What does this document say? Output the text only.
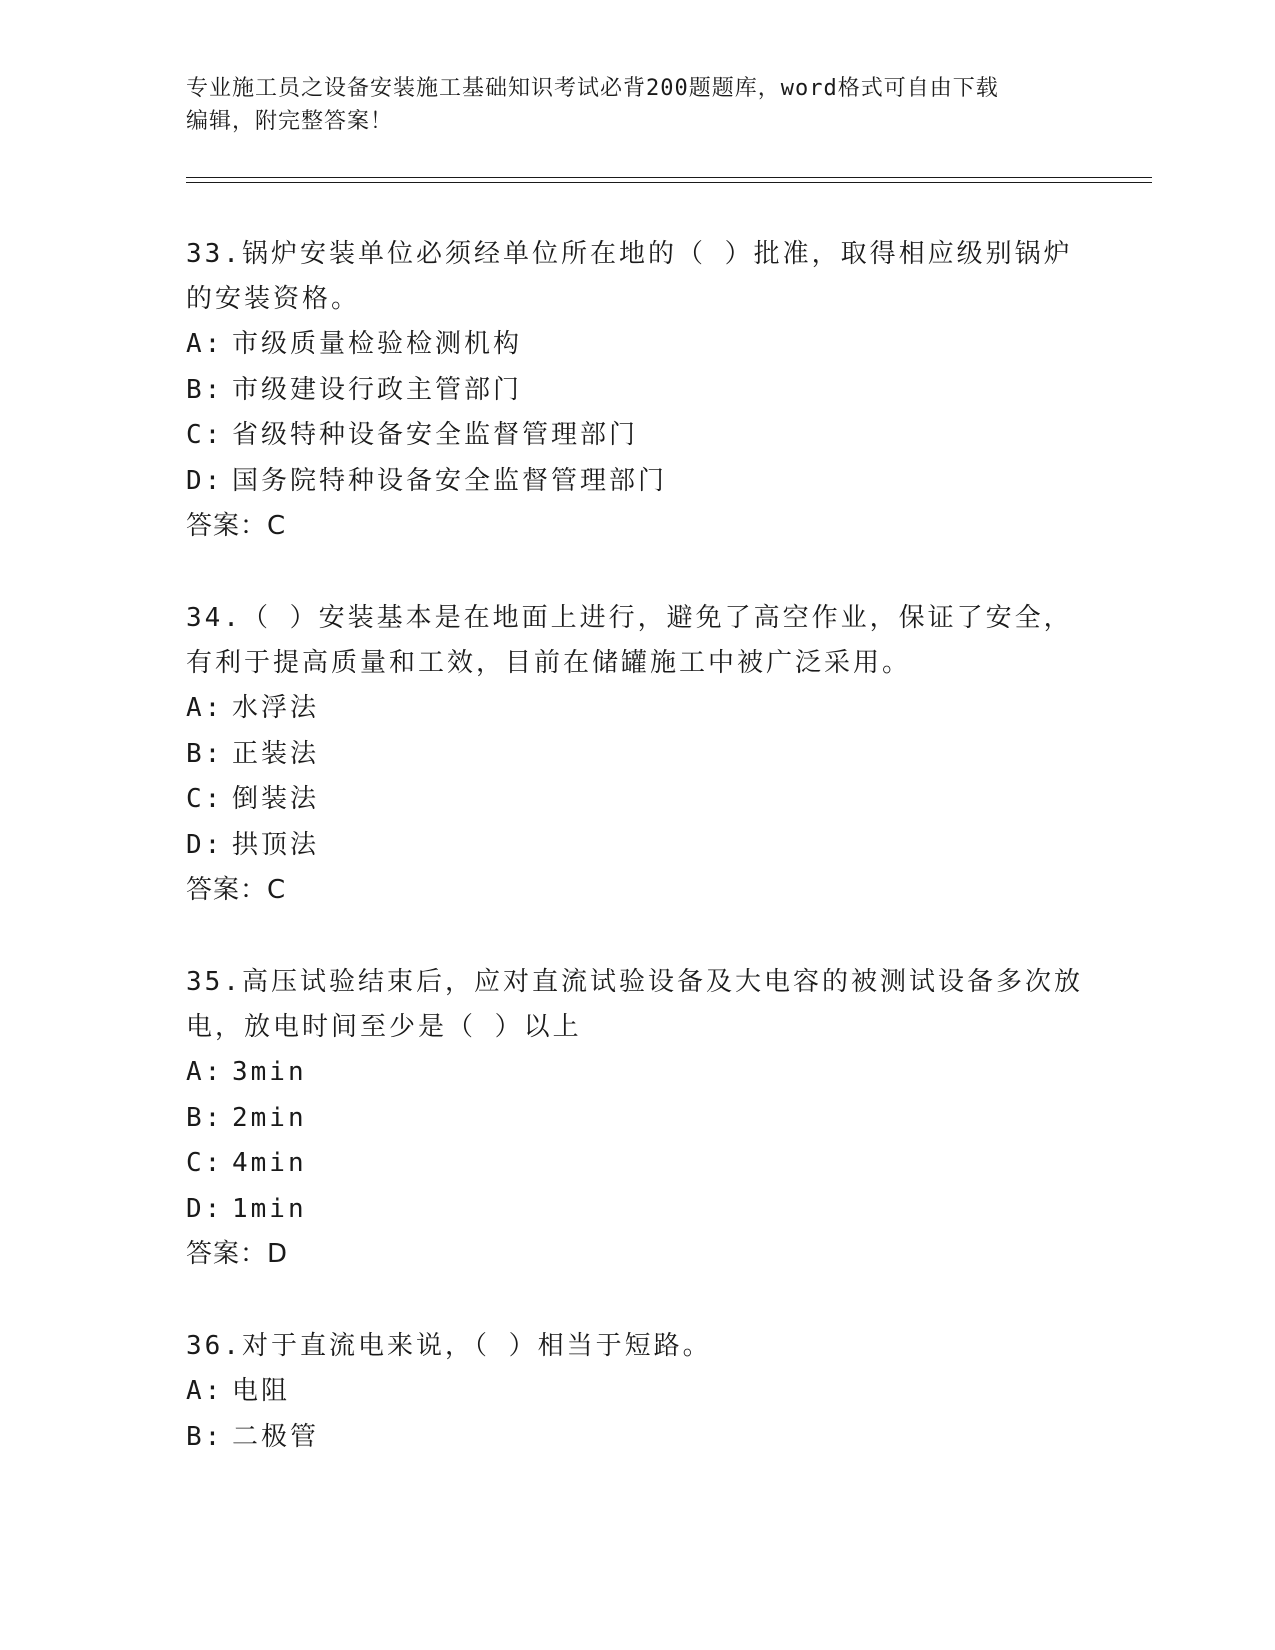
专业施工员之设备安装施工基础知识考试必背200题题库，word格式可自由下载
编辑，附完整答案！
33.锅炉安装单位必须经单位所在地的（ ）批准，取得相应级别锅炉的安装资格。
A: 市级质量检验检测机构
B: 市级建设行政主管部门
C: 省级特种设备安全监督管理部门
D: 国务院特种设备安全监督管理部门
答案：C
34.（ ）安装基本是在地面上进行，避免了高空作业，保证了安全，有利于提高质量和工效，目前在储罐施工中被广泛采用。
A: 水浮法
B: 正装法
C: 倒装法
D: 拱顶法
答案：C
35.高压试验结束后，应对直流试验设备及大电容的被测试设备多次放电，放电时间至少是（ ）以上
A: 3min
B: 2min
C: 4min
D: 1min
答案：D
36.对于直流电来说，（ ）相当于短路。
A: 电阻
B: 二极管
